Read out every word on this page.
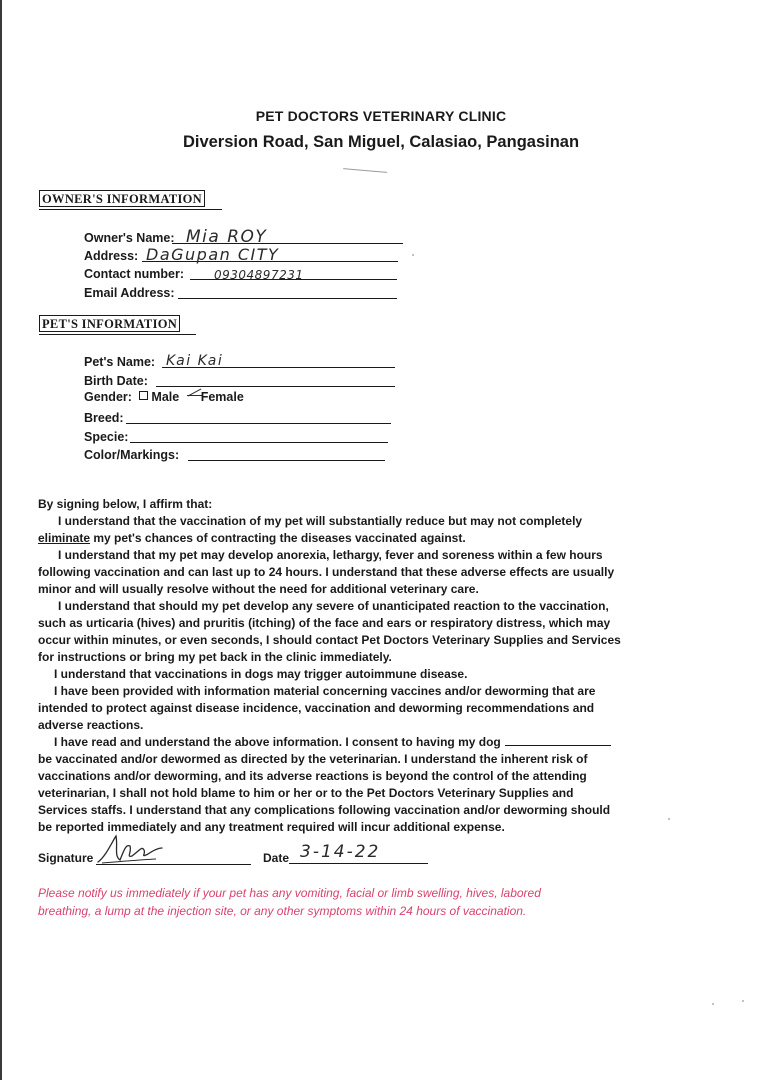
PET DOCTORS VETERINARY CLINIC
Diversion Road, San Miguel, Calasiao, Pangasinan
OWNER'S INFORMATION
Owner's Name: Mia ROY
Address: DaGupan CITY
Contact number:	09304897231
Email Address:
PET'S INFORMATION
Pet's Name: Kai Kai
Birth Date:
Gender: Male Female
Breed:
Specie:
Color/Markings:
By signing below, I affirm that:
I understand that the vaccination of my pet will substantially reduce but may not completely
eliminate my pet's chances of contracting the diseases vaccinated against.
I understand that my pet may develop anorexia, lethargy, fever and soreness within a few hours
following vaccination and can last up to 24 hours. I understand that these adverse effects are usually
minor and will usually resolve without the need for additional veterinary care.
I understand that should my pet develop any severe of unanticipated reaction to the vaccination,
such as urticaria (hives) and pruritis (itching) of the face and ears or respiratory distress, which may
occur within minutes, or even seconds, I should contact Pet Doctors Veterinary Supplies and Services
for instructions or bring my pet back in the clinic immediately.
I understand that vaccinations in dogs may trigger autoimmune disease.
I have been provided with information material concerning vaccines and/or deworming that are
intended to protect against disease incidence, vaccination and deworming recommendations and
adverse reactions.
I have read and understand the above information. I consent to having my dog
be vaccinated and/or dewormed as directed by the veterinarian. I understand the inherent risk of
vaccinations and/or deworming, and its adverse reactions is beyond the control of the attending
veterinarian, I shall not hold blame to him or her or to the Pet Doctors Veterinary Supplies and
Services staffs. I understand that any complications following vaccination and/or deworming should
be reported immediately and any treatment required will incur additional expense.
Signature	Date 3-14-22
Please notify us immediately if your pet has any vomiting, facial or limb swelling, hives, labored
breathing, a lump at the injection site, or any other symptoms within 24 hours of vaccination.
